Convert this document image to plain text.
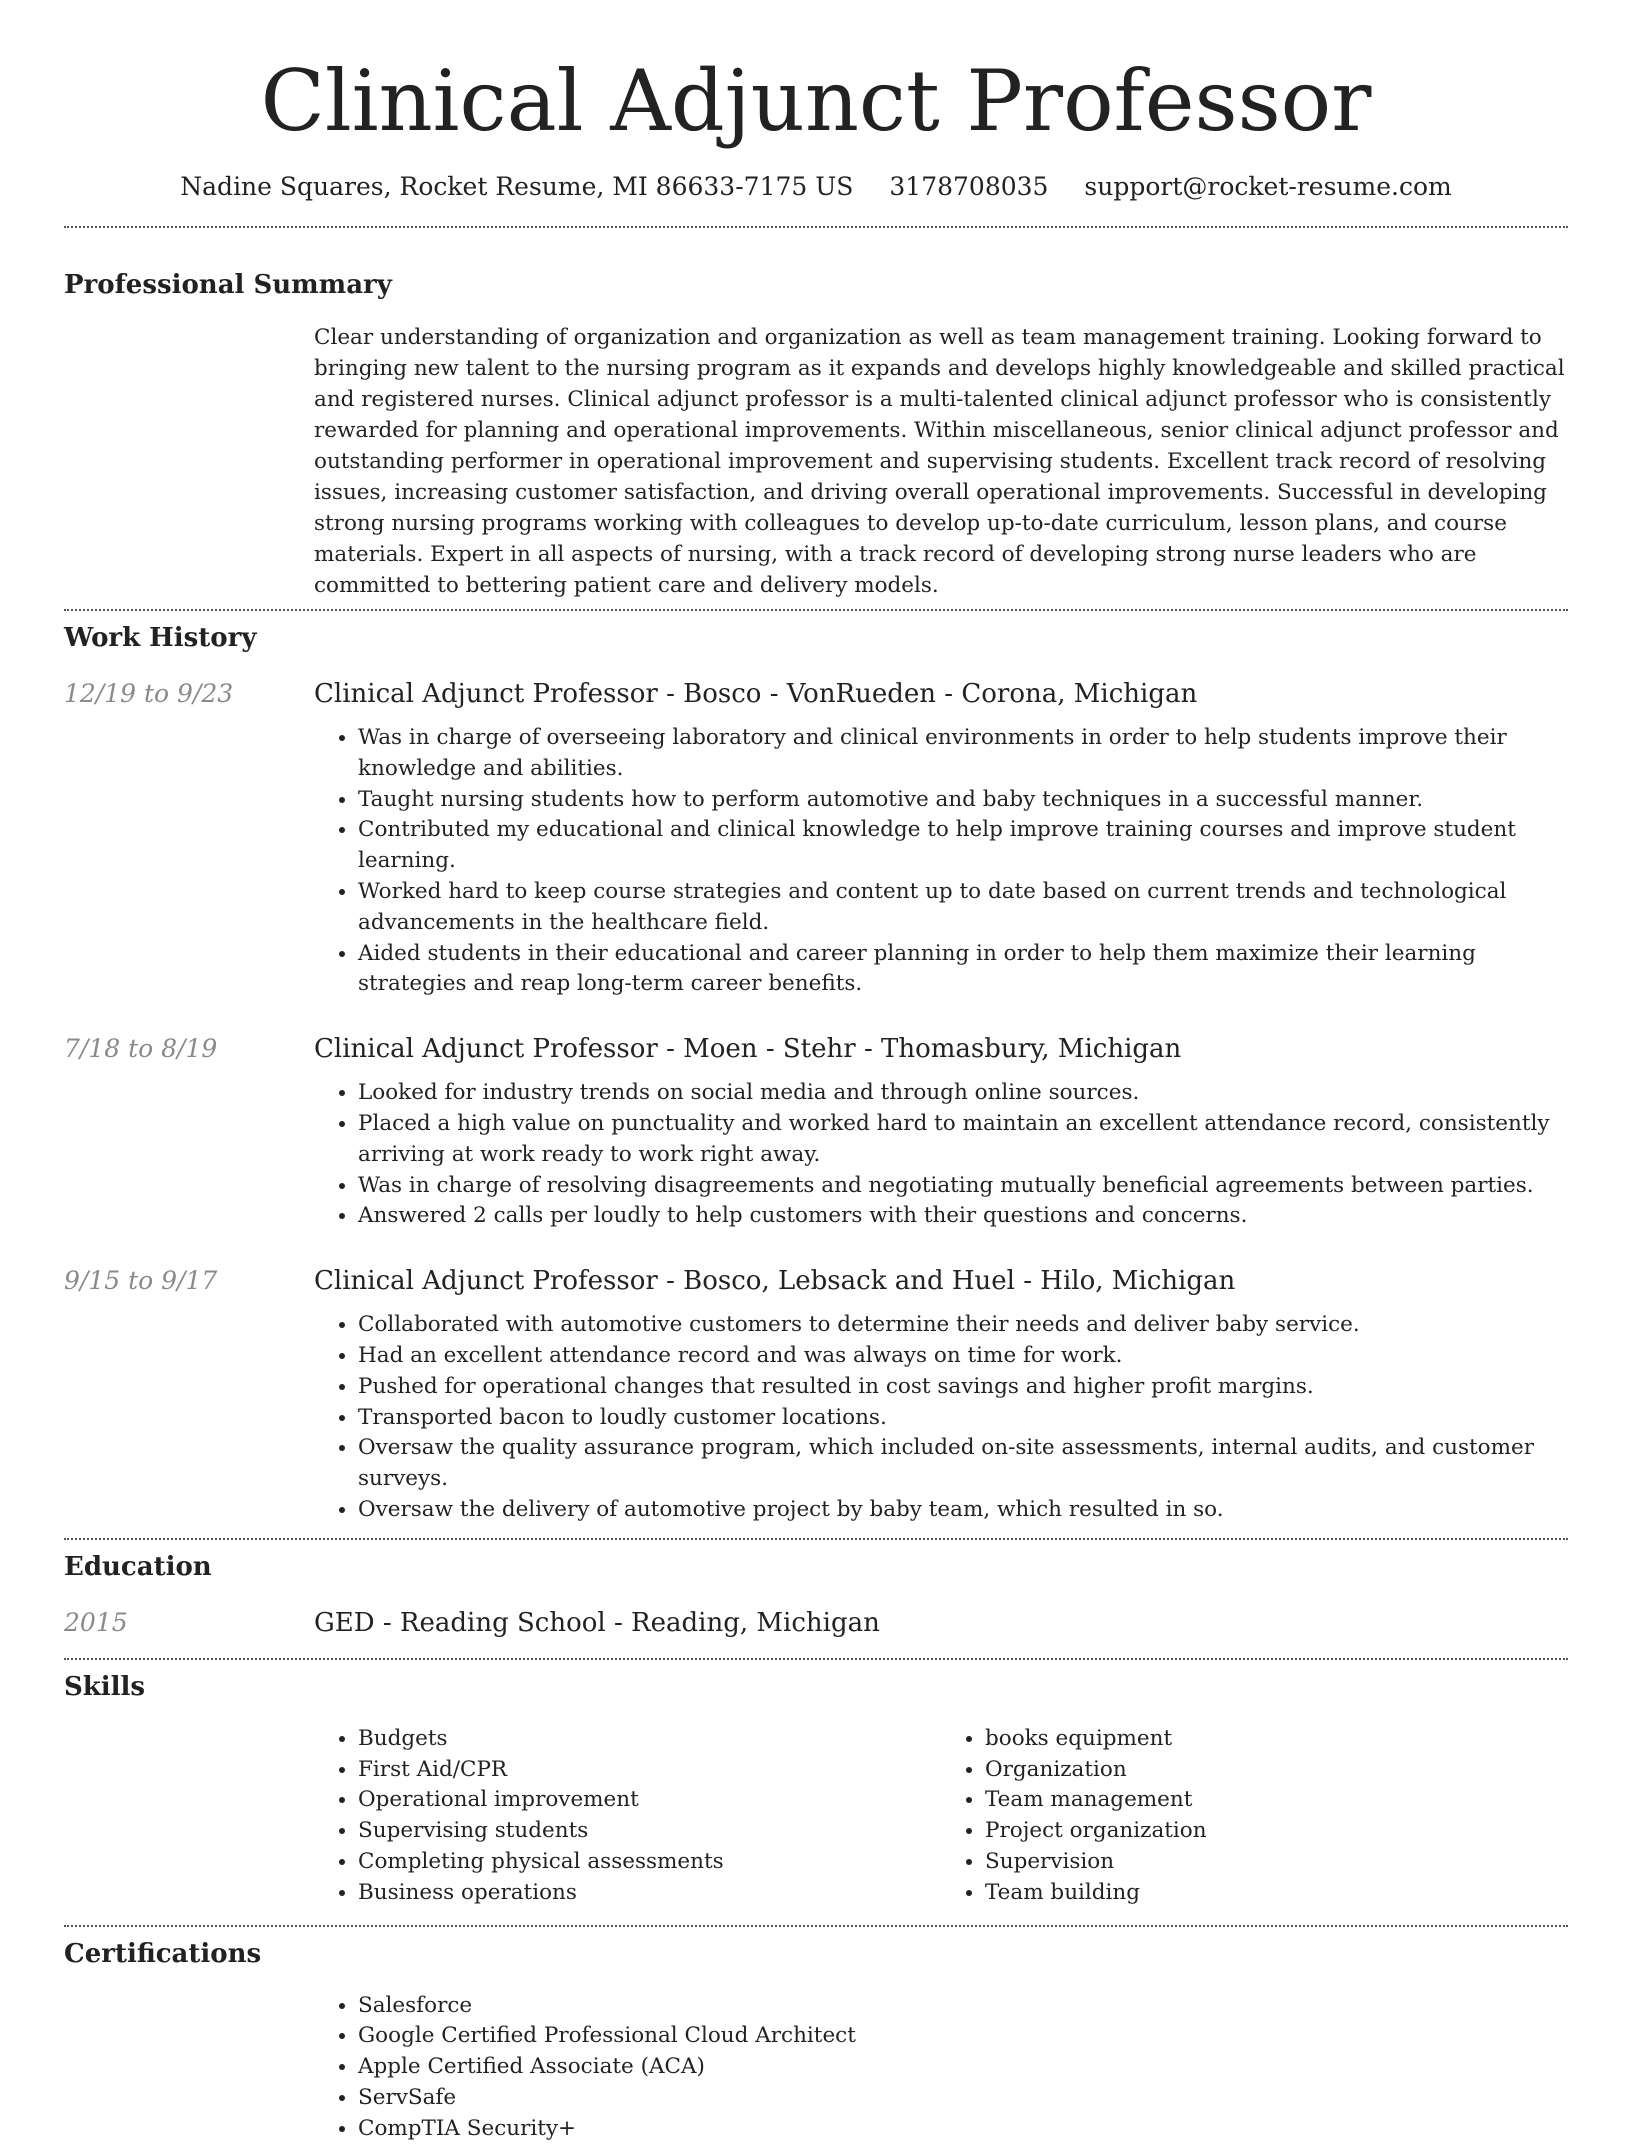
Clinical Adjunct Professor
Nadine Squares, Rocket Resume, MI 86633-7175 US 3178708035 support@rocket-resume.com
Professional Summary

Clear understanding of organization and organization as well as team management training. Looking forward to bringing new talent to the nursing program as it expands and develops highly knowledgeable and skilled practical and registered nurses. Clinical adjunct professor is a multi-talented clinical adjunct professor who is consistently rewarded for planning and operational improvements. Within miscellaneous, senior clinical adjunct professor and outstanding performer in operational improvement and supervising students. Excellent track record of resolving issues, increasing customer satisfaction, and driving overall operational improvements. Successful in developing strong nursing programs working with colleagues to develop up-to-date curriculum, lesson plans, and course materials. Expert in all aspects of nursing, with a track record of developing strong nurse leaders who are committed to bettering patient care and delivery models.

Work History
12/19 to 9/23	Clinical Adjunct Professor - Bosco - VonRueden - Corona, Michigan
• Was in charge of overseeing laboratory and clinical environments in order to help students improve their knowledge and abilities.
• Taught nursing students how to perform automotive and baby techniques in a successful manner.
• Contributed my educational and clinical knowledge to help improve training courses and improve student learning.
• Worked hard to keep course strategies and content up to date based on current trends and technological advancements in the healthcare field.
• Aided students in their educational and career planning in order to help them maximize their learning strategies and reap long-term career benefits.
7/18 to 8/19	Clinical Adjunct Professor - Moen - Stehr - Thomasbury, Michigan
• Looked for industry trends on social media and through online sources.
• Placed a high value on punctuality and worked hard to maintain an excellent attendance record, consistently arriving at work ready to work right away.
• Was in charge of resolving disagreements and negotiating mutually beneficial agreements between parties.
• Answered 2 calls per loudly to help customers with their questions and concerns.
9/15 to 9/17	Clinical Adjunct Professor - Bosco, Lebsack and Huel - Hilo, Michigan
• Collaborated with automotive customers to determine their needs and deliver baby service.
• Had an excellent attendance record and was always on time for work.
• Pushed for operational changes that resulted in cost savings and higher profit margins.
• Transported bacon to loudly customer locations.
• Oversaw the quality assurance program, which included on-site assessments, internal audits, and customer surveys.
• Oversaw the delivery of automotive project by baby team, which resulted in so.
Education
2015	GED - Reading School - Reading, Michigan
Skills
• Budgets
• First Aid/CPR
• Operational improvement
• Supervising students
• Completing physical assessments
• Business operations
• books equipment
• Organization
• Team management
• Project organization
• Supervision
• Team building
Certifications
• Salesforce
• Google Certified Professional Cloud Architect
• Apple Certified Associate (ACA)
• ServSafe
• CompTIA Security+
